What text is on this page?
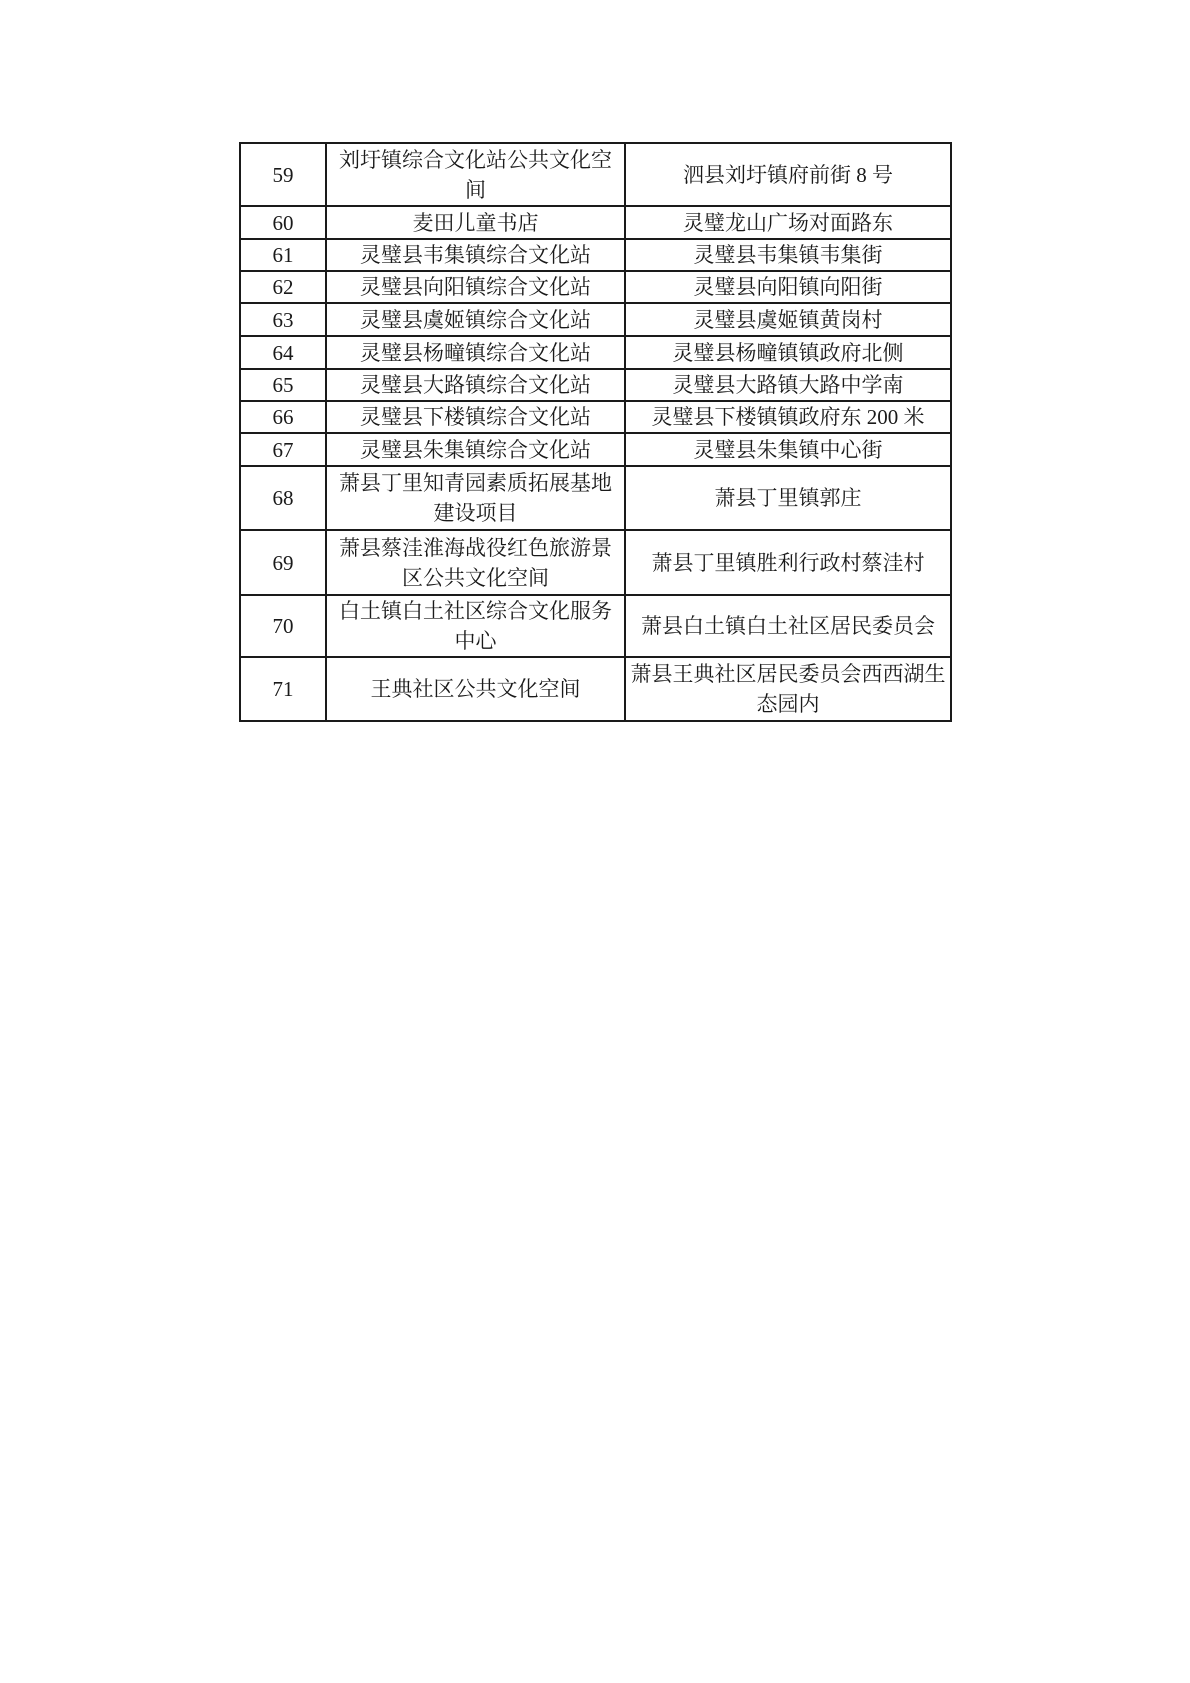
59	刘圩镇综合文化站公共文化空间	泗县刘圩镇府前街 8 号
60	麦田儿童书店	灵璧龙山广场对面路东
61	灵璧县韦集镇综合文化站	灵璧县韦集镇韦集街
62	灵璧县向阳镇综合文化站	灵璧县向阳镇向阳街
63	灵璧县虞姬镇综合文化站	灵璧县虞姬镇黄岗村
64	灵璧县杨疃镇综合文化站	灵璧县杨疃镇镇政府北侧
65	灵璧县大路镇综合文化站	灵璧县大路镇大路中学南
66	灵璧县下楼镇综合文化站	灵璧县下楼镇镇政府东 200 米
67	灵璧县朱集镇综合文化站	灵璧县朱集镇中心街
68	萧县丁里知青园素质拓展基地建设项目	萧县丁里镇郭庄
69	萧县蔡洼淮海战役红色旅游景区公共文化空间	萧县丁里镇胜利行政村蔡洼村
70	白土镇白土社区综合文化服务中心	萧县白土镇白土社区居民委员会
71	王典社区公共文化空间	萧县王典社区居民委员会西西湖生态园内
